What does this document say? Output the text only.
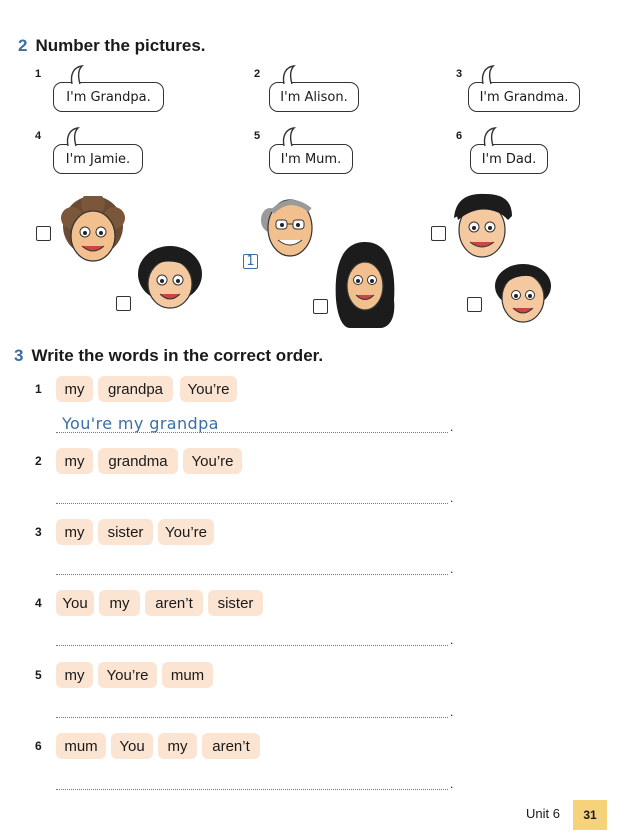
2 Number the pictures.
1
I'm Grandpa.
2
I'm Alison.
3
I'm Grandma.
4
I'm Jamie.
5
I'm Mum.
6
I'm Dad.
1
3 Write the words in the correct order.
1	my	grandpa	You’re
You're my grandpa	.
2	my	grandma	You’re
.
3	my	sister	You’re
.
4	You	my	aren’t	sister
.
5	my	You’re	mum
.
6	mum	You	my	aren’t
.
Unit 6	31
